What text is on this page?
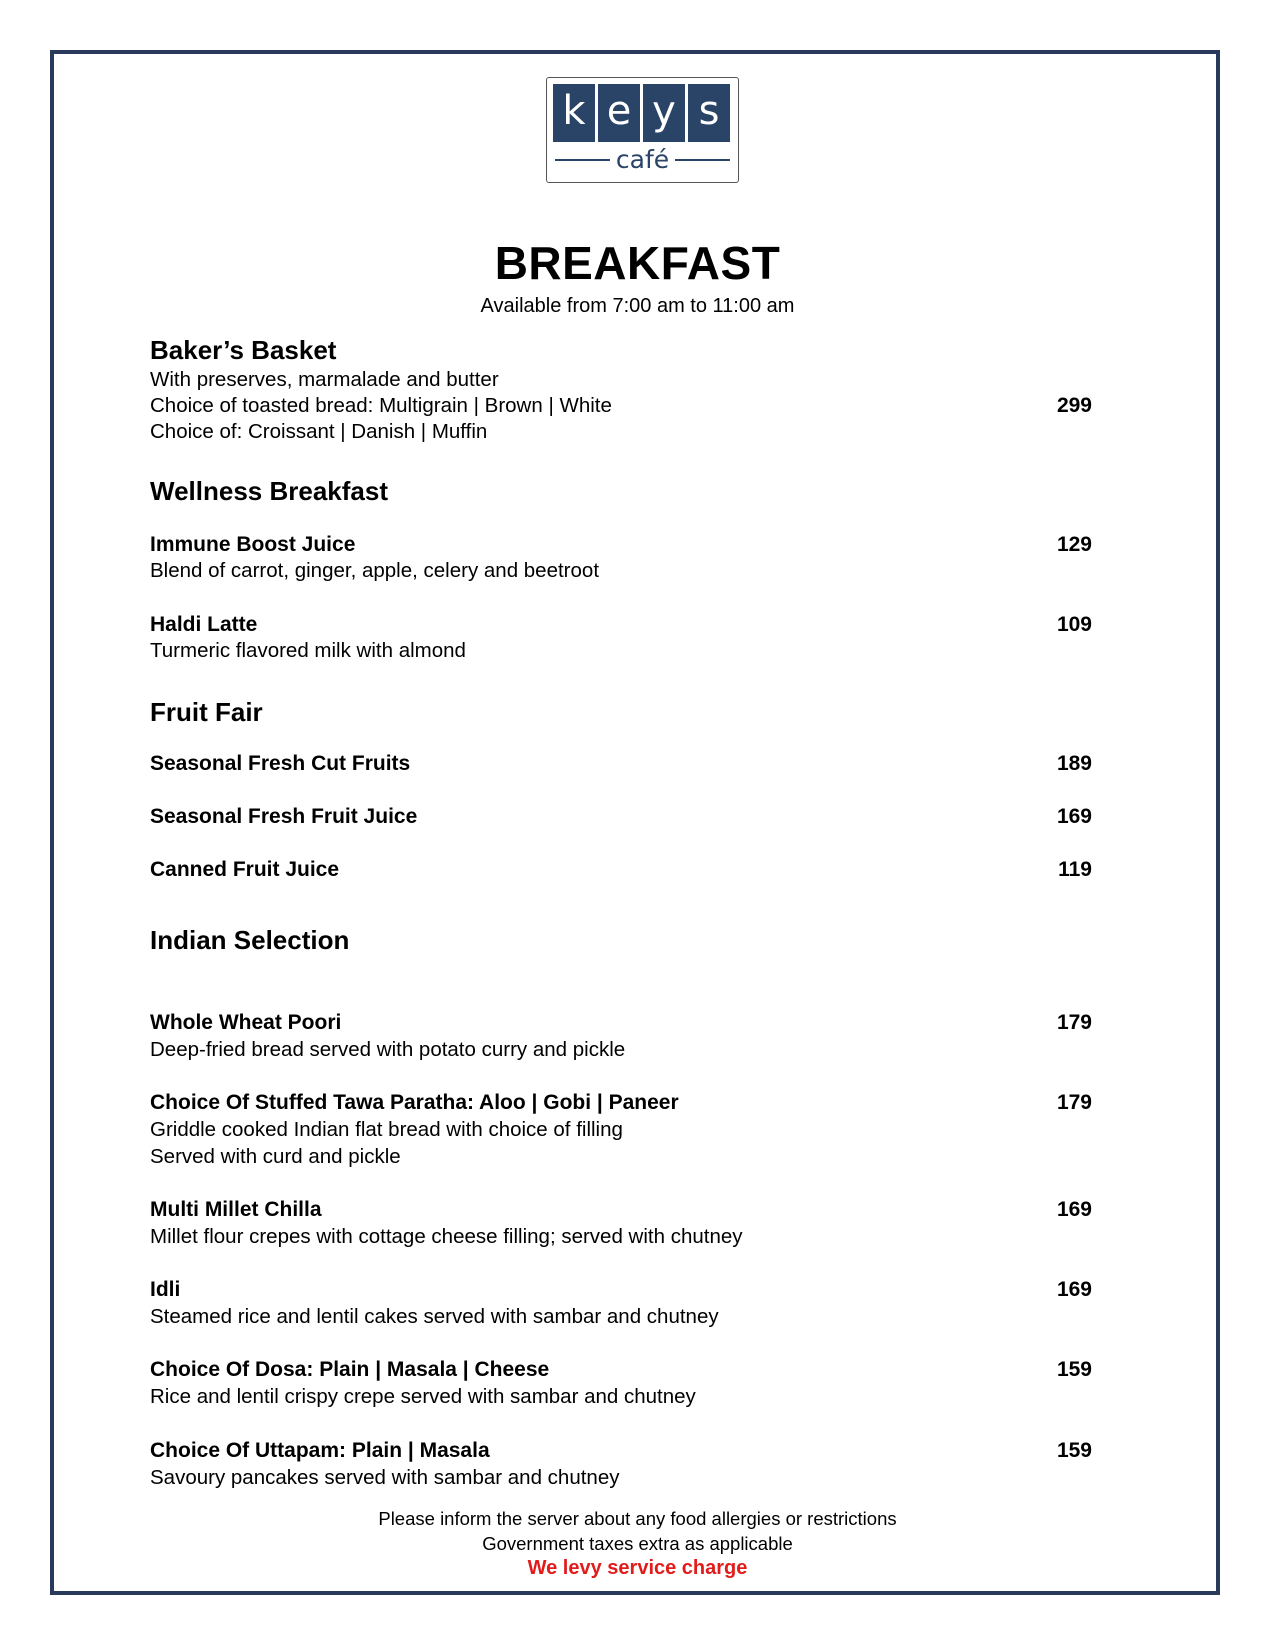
k e y s
café
BREAKFAST
Available from 7:00 am to 11:00 am
Baker’s Basket
With preserves, marmalade and butter
Choice of toasted bread: Multigrain | Brown | White
Choice of: Croissant | Danish | Muffin
299
Wellness Breakfast
Immune Boost Juice	129
Blend of carrot, ginger, apple, celery and beetroot
Haldi Latte	109
Turmeric flavored milk with almond
Fruit Fair
Seasonal Fresh Cut Fruits	189
Seasonal Fresh Fruit Juice	169
Canned Fruit Juice	119
Indian Selection
Whole Wheat Poori	179
Deep-fried bread served with potato curry and pickle
Choice Of Stuffed Tawa Paratha: Aloo | Gobi | Paneer	179
Griddle cooked Indian flat bread with choice of filling
Served with curd and pickle
Multi Millet Chilla	169
Millet flour crepes with cottage cheese filling; served with chutney
Idli	169
Steamed rice and lentil cakes served with sambar and chutney
Choice Of Dosa: Plain | Masala | Cheese	159
Rice and lentil crispy crepe served with sambar and chutney
Choice Of Uttapam: Plain | Masala	159
Savoury pancakes served with sambar and chutney
Please inform the server about any food allergies or restrictions
Government taxes extra as applicable
We levy service charge
